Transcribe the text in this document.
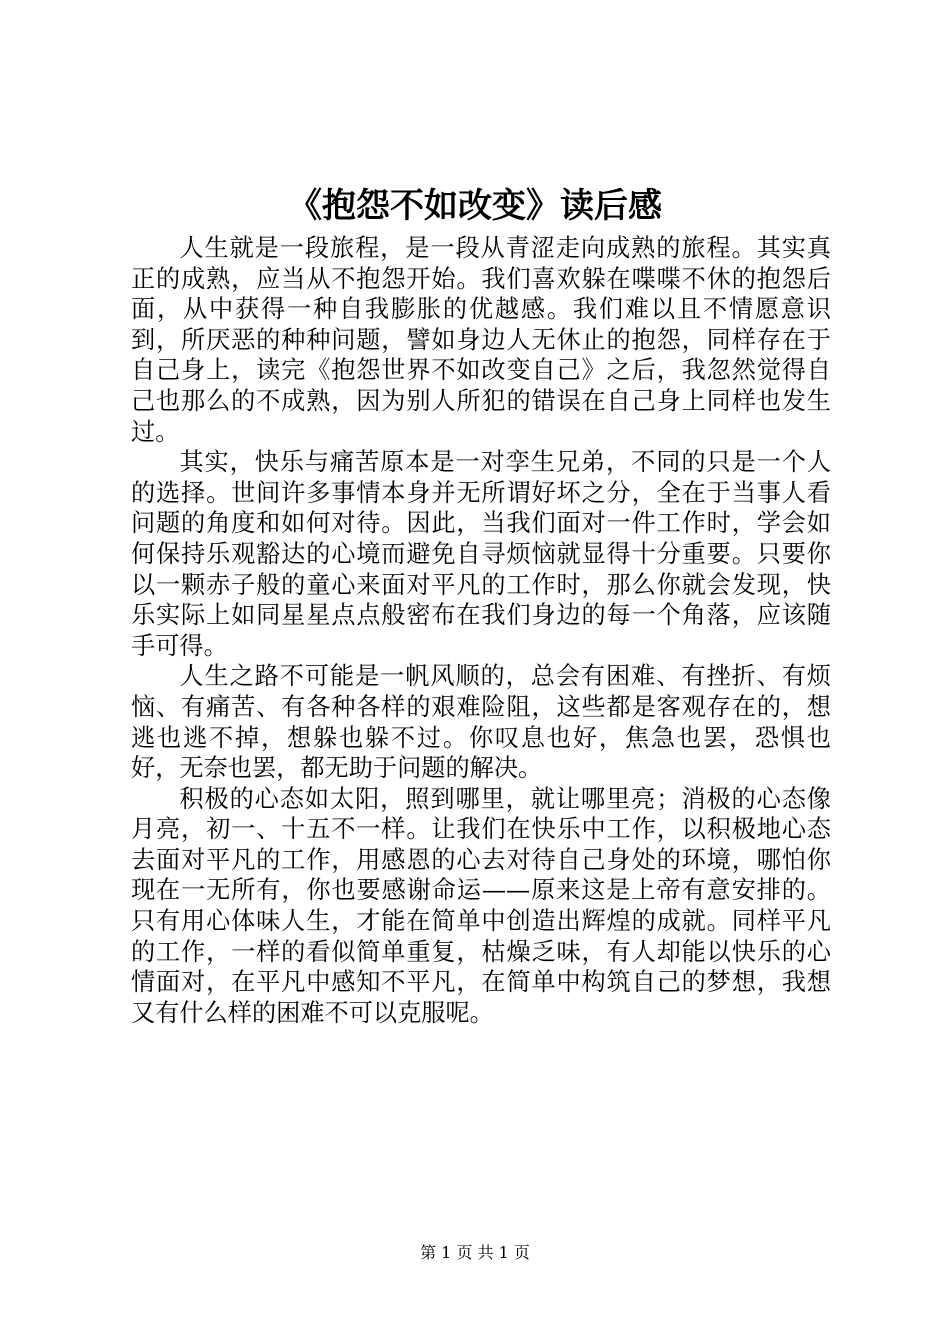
《抱怨不如改变》读后感

人生就是一段旅程，是一段从青涩走向成熟的旅程。其实真正的成熟，应当从不抱怨开始。我们喜欢躲在喋喋不休的抱怨后面，从中获得一种自我膨胀的优越感。我们难以且不情愿意识到，所厌恶的种种问题，譬如身边人无休止的抱怨，同样存在于自己身上，读完《抱怨世界不如改变自己》之后，我忽然觉得自己也那么的不成熟，因为别人所犯的错误在自己身上同样也发生过。

其实，快乐与痛苦原本是一对孪生兄弟，不同的只是一个人的选择。世间许多事情本身并无所谓好坏之分，全在于当事人看问题的角度和如何对待。因此，当我们面对一件工作时，学会如何保持乐观豁达的心境而避免自寻烦恼就显得十分重要。只要你以一颗赤子般的童心来面对平凡的工作时，那么你就会发现，快乐实际上如同星星点点般密布在我们身边的每一个角落，应该随手可得。

人生之路不可能是一帆风顺的，总会有困难、有挫折、有烦恼、有痛苦、有各种各样的艰难险阻，这些都是客观存在的，想逃也逃不掉，想躲也躲不过。你叹息也好，焦急也罢，恐惧也好，无奈也罢，都无助于问题的解决。

积极的心态如太阳，照到哪里，就让哪里亮；消极的心态像月亮，初一、十五不一样。让我们在快乐中工作，以积极地心态去面对平凡的工作，用感恩的心去对待自己身处的环境，哪怕你现在一无所有，你也要感谢命运——原来这是上帝有意安排的。只有用心体味人生，才能在简单中创造出辉煌的成就。同样平凡的工作，一样的看似简单重复，枯燥乏味，有人却能以快乐的心情面对，在平凡中感知不平凡，在简单中构筑自己的梦想，我想又有什么样的困难不可以克服呢。

第 1 页 共 1 页
